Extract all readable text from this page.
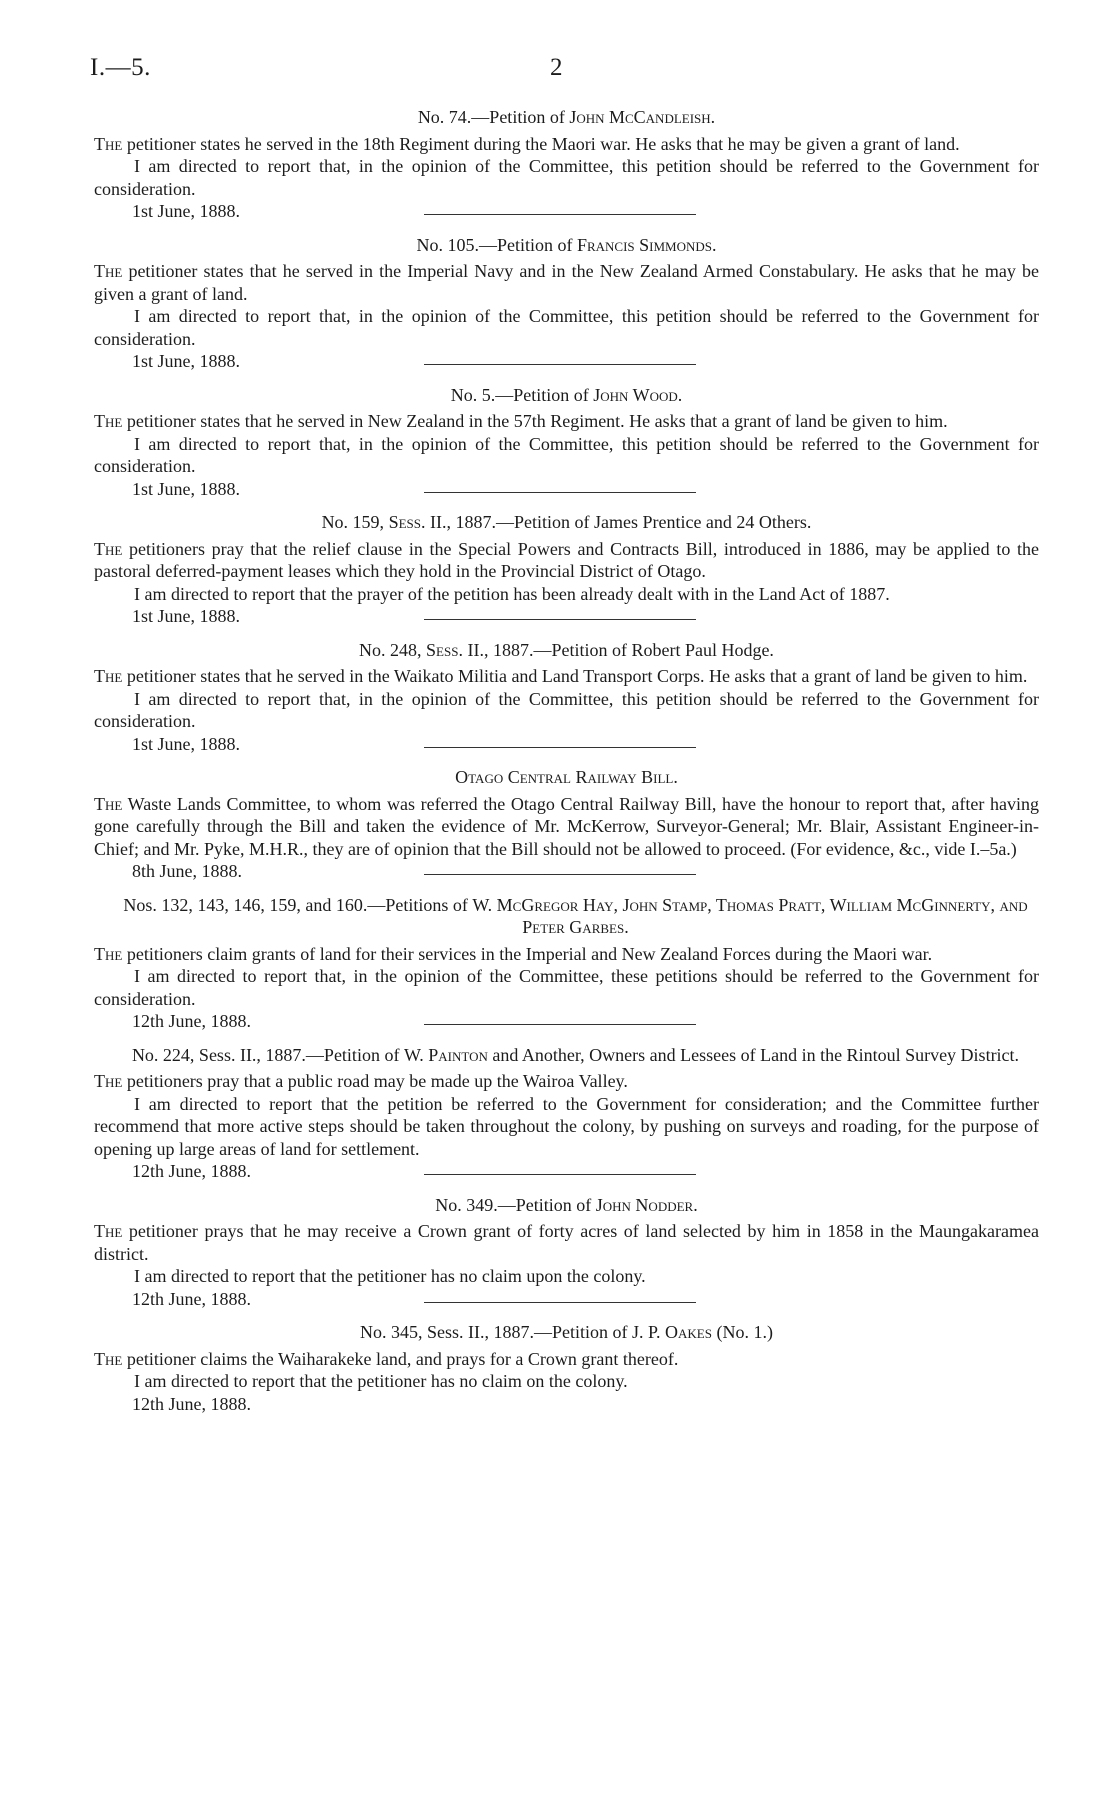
I.—5.	2

No. 74.—Petition of John McCandleish.

The petitioner states he served in the 18th Regiment during the Maori war. He asks that he may be given a grant of land.

I am directed to report that, in the opinion of the Committee, this petition should be referred to the Government for consideration.

1st June, 1888.

No. 105.—Petition of Francis Simmonds.

The petitioner states that he served in the Imperial Navy and in the New Zealand Armed Constabulary. He asks that he may be given a grant of land.

I am directed to report that, in the opinion of the Committee, this petition should be referred to the Government for consideration.

1st June, 1888.

No. 5.—Petition of John Wood.

The petitioner states that he served in New Zealand in the 57th Regiment. He asks that a grant of land be given to him.

I am directed to report that, in the opinion of the Committee, this petition should be referred to the Government for consideration.

1st June, 1888.

No. 159, Sess. II., 1887.—Petition of James Prentice and 24 Others.

The petitioners pray that the relief clause in the Special Powers and Contracts Bill, introduced in 1886, may be applied to the pastoral deferred-payment leases which they hold in the Provincial District of Otago.

I am directed to report that the prayer of the petition has been already dealt with in the Land Act of 1887.

1st June, 1888.

No. 248, Sess. II., 1887.—Petition of Robert Paul Hodge.

The petitioner states that he served in the Waikato Militia and Land Transport Corps. He asks that a grant of land be given to him.

I am directed to report that, in the opinion of the Committee, this petition should be referred to the Government for consideration.

1st June, 1888.

Otago Central Railway Bill.

The Waste Lands Committee, to whom was referred the Otago Central Railway Bill, have the honour to report that, after having gone carefully through the Bill and taken the evidence of Mr. McKerrow, Surveyor-General; Mr. Blair, Assistant Engineer-in-Chief; and Mr. Pyke, M.H.R., they are of opinion that the Bill should not be allowed to proceed. (For evidence, &c., vide I.–5a.)

8th June, 1888.

Nos. 132, 143, 146, 159, and 160.—Petitions of W. McGregor Hay, John Stamp, Thomas Pratt, William McGinnerty, and Peter Garbes.

The petitioners claim grants of land for their services in the Imperial and New Zealand Forces during the Maori war.

I am directed to report that, in the opinion of the Committee, these petitions should be referred to the Government for consideration.

12th June, 1888.

No. 224, Sess. II., 1887.—Petition of W. Painton and Another, Owners and Lessees of Land in the Rintoul Survey District.

The petitioners pray that a public road may be made up the Wairoa Valley.

I am directed to report that the petition be referred to the Government for consideration; and the Committee further recommend that more active steps should be taken throughout the colony, by pushing on surveys and roading, for the purpose of opening up large areas of land for settlement.

12th June, 1888.

No. 349.—Petition of John Nodder.

The petitioner prays that he may receive a Crown grant of forty acres of land selected by him in 1858 in the Maungakaramea district.

I am directed to report that the petitioner has no claim upon the colony.

12th June, 1888.

No. 345, Sess. II., 1887.—Petition of J. P. Oakes (No. 1.)

The petitioner claims the Waiharakeke land, and prays for a Crown grant thereof.

I am directed to report that the petitioner has no claim on the colony.

12th June, 1888.
